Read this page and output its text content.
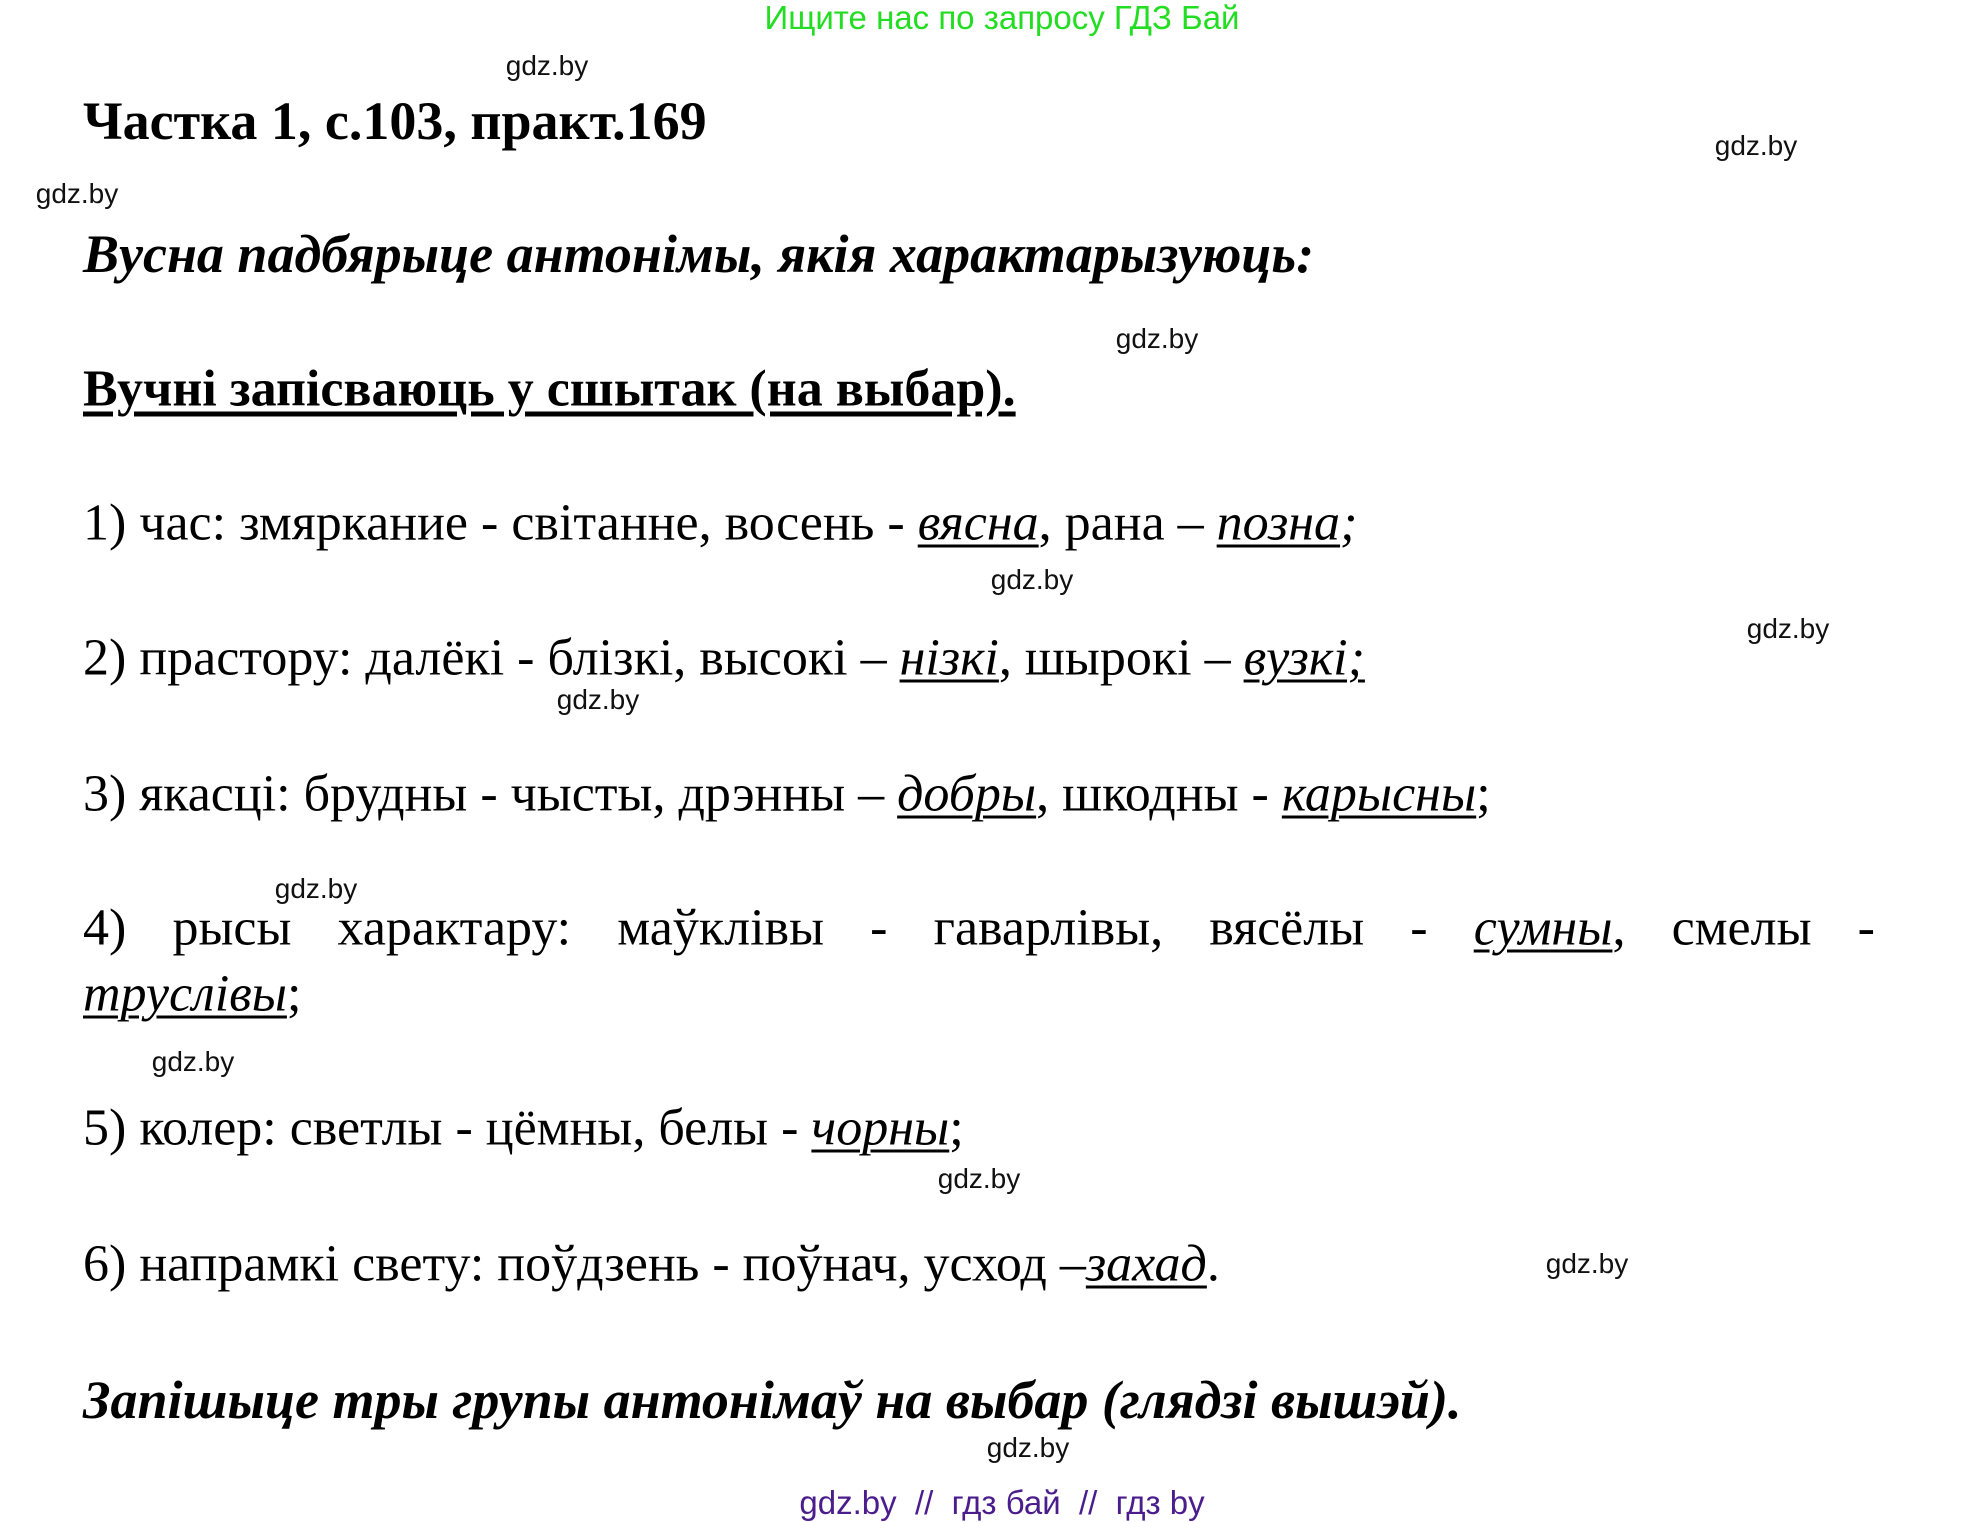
Ищите нас по запросу ГДЗ Бай
Частка 1, с.103, практ.169
Вусна падбярыце антонімы, якія характарызуюць:
Вучні запісваюць у сшытак (на выбар).
1) час: змяркание - світанне, восень - вясна, рана – позна;
2) прастору: далёкі - блізкі, высокі – нізкі, шырокі – вузкі;
3) якасці: брудны - чысты, дрэнны – добры, шкодны - карысны;
4) рысы характару: маўклівы - гаварлівы, вясёлы - сумны, смелы -
труслівы;
5) колер: светлы - цёмны, белы - чорны;
6) напрамкі свету: поўдзень - поўнач, усход –захад.
Запішыце тры групы антонімаў на выбар (глядзі вышэй).
gdz.by
gdz.by
gdz.by
gdz.by
gdz.by
gdz.by
gdz.by
gdz.by
gdz.by
gdz.by
gdz.by
gdz.by
gdz.by  //  гдз бай  //  гдз by
